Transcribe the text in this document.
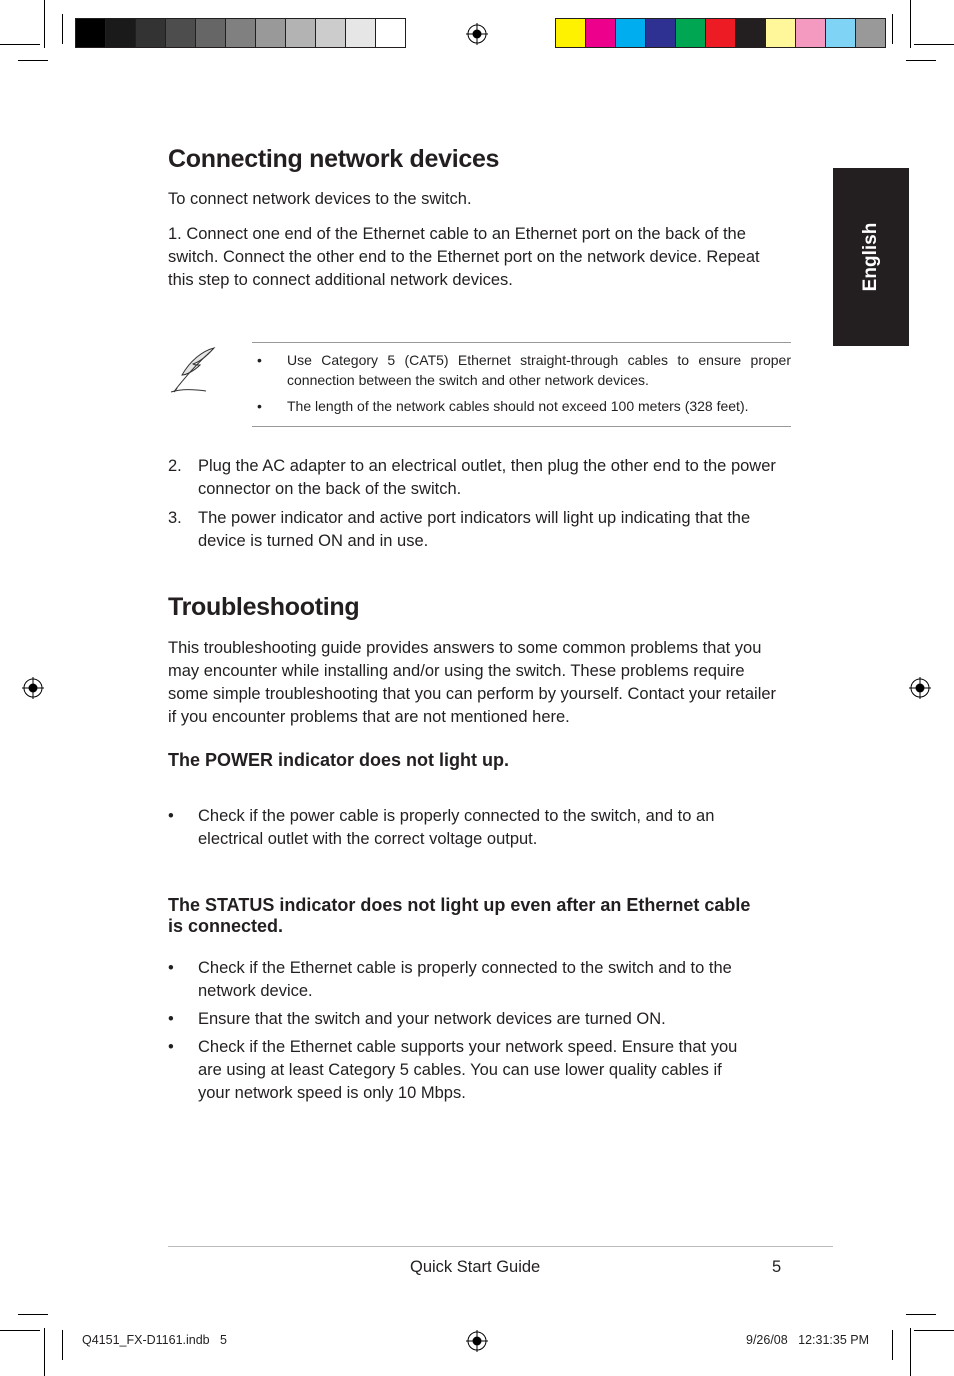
English
Connecting network devices

To connect network devices to the switch.

1. Connect one end of the Ethernet cable to an Ethernet port on the back of the

switch. Connect the other end to the Ethernet port on the network device. Repeat

this step to connect additional network devices.

• Use Category 5 (CAT5) Ethernet straight-through cables to ensure proper
connection between the switch and other network devices.
• The length of the network cables should not exceed 100 meters (328 feet).
2. Plug the AC adapter to an electrical outlet, then plug the other end to the power
connector on the back of the switch.
3. The power indicator and active port indicators will light up indicating that the
device is turned ON and in use.
Troubleshooting

This troubleshooting guide provides answers to some common problems that you

may encounter while installing and/or using the switch. These problems require

some simple troubleshooting that you can perform by yourself. Contact your retailer

if you encounter problems that are not mentioned here.

The POWER indicator does not light up.
• Check if the power cable is properly connected to the switch, and to an
electrical outlet with the correct voltage output.
The STATUS indicator does not light up even after an Ethernet cable
is connected.
• Check if the Ethernet cable is properly connected to the switch and to the
network device.
• Ensure that the switch and your network devices are turned ON.
• Check if the Ethernet cable supports your network speed. Ensure that you
are using at least Category 5 cables. You can use lower quality cables if
your network speed is only 10 Mbps.
Quick Start Guide	5
Q4151_FX-D1161.indb   5	9/26/08   12:31:35 PM
